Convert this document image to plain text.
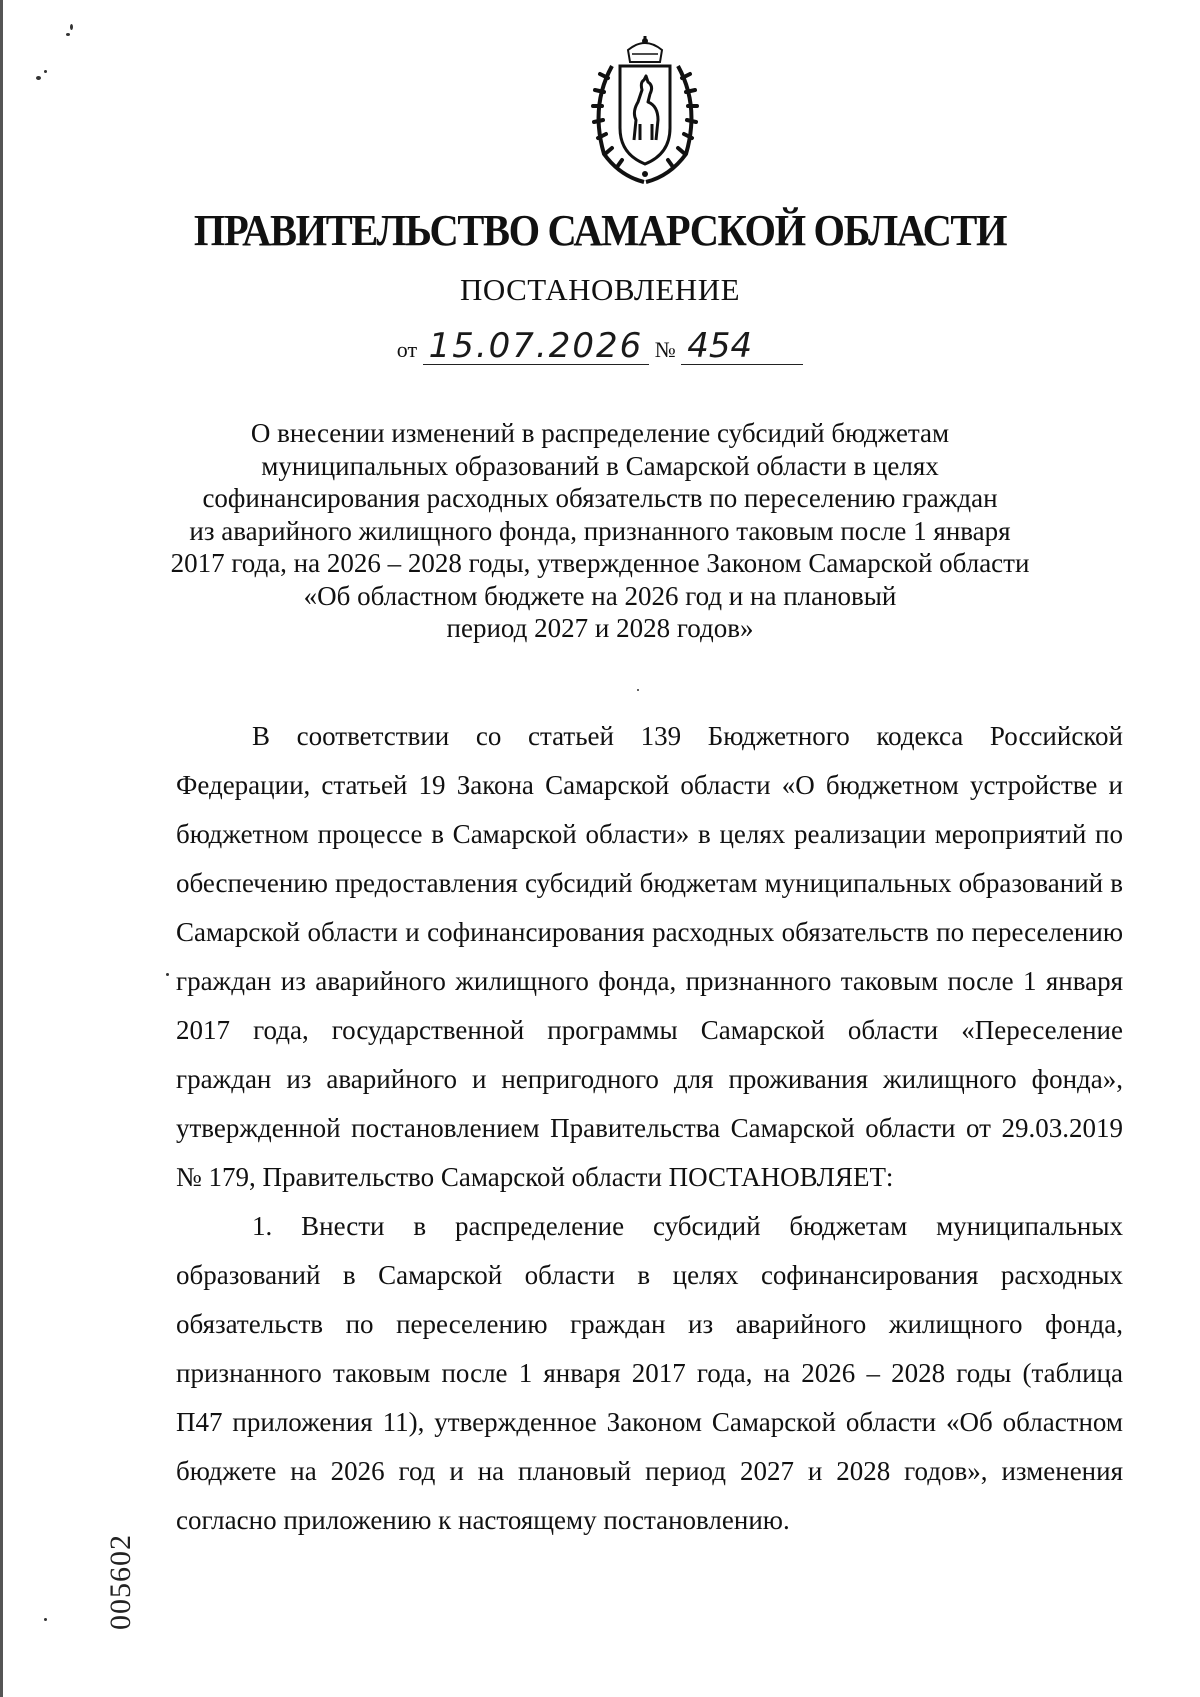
ПРАВИТЕЛЬСТВО САМАРСКОЙ ОБЛАСТИ
ПОСТАНОВЛЕНИЕ
от 15.07.2026 № 454
О внесении изменений в распределение субсидий бюджетам
муниципальных образований в Самарской области в целях
софинансирования расходных обязательств по переселению граждан
из аварийного жилищного фонда, признанного таковым после 1 января
2017 года, на 2026 – 2028 годы, утвержденное Законом Самарской области
«Об областном бюджете на 2026 год и на плановый
период 2027 и 2028 годов»

В соответствии со статьей 139 Бюджетного кодекса Российской Федерации, статьей 19 Закона Самарской области «О бюджетном устройстве и бюджетном процессе в Самарской области» в целях реализации мероприятий по обеспечению предоставления субсидий бюджетам муниципальных образований в Самарской области и софинансирования расходных обязательств по переселению граждан из аварийного жилищного фонда, признанного таковым после 1 января 2017 года, государственной программы Самарской области «Переселение граждан из аварийного и непригодного для проживания жилищного фонда», утвержденной постановлением Правительства Самарской области от 29.03.2019 № 179, Правительство Самарской области ПОСТАНОВЛЯЕТ:

1. Внести в распределение субсидий бюджетам муниципальных образований в Самарской области в целях софинансирования расходных обязательств по переселению граждан из аварийного жилищного фонда, признанного таковым после 1 января 2017 года, на 2026 – 2028 годы (таблица П47 приложения 11), утвержденное Законом Самарской области «Об областном бюджете на 2026 год и на плановый период 2027 и 2028 годов», изменения согласно приложению к настоящему постановлению.

005602
